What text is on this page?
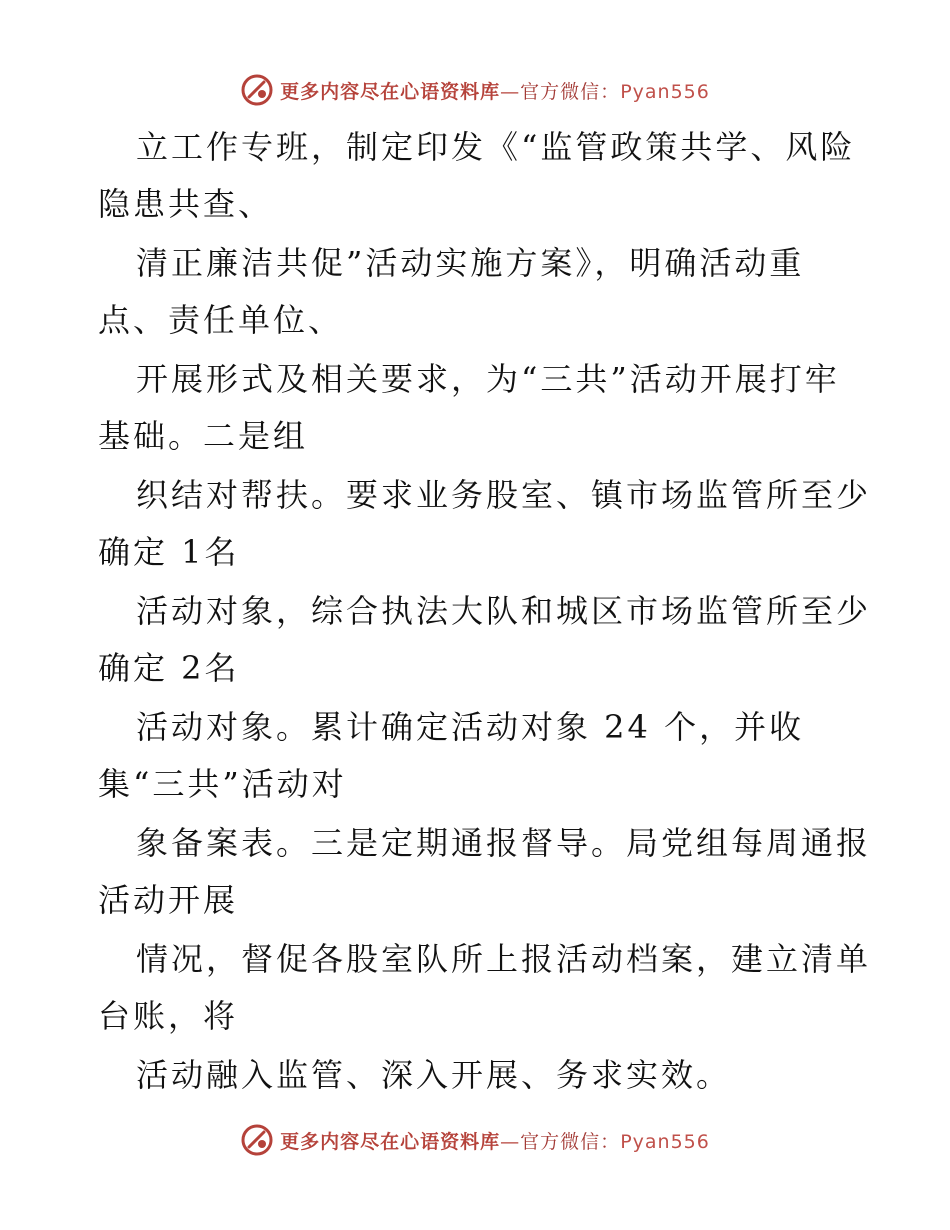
更多内容尽在心语资料库—官方微信：Pyan556
立工作专班，制定印发《“监管政策共学、风险
隐患共查、
清正廉洁共促”活动实施方案》，明确活动重
点、责任单位、
开展形式及相关要求，为“三共”活动开展打牢
基础。二是组
织结对帮扶。要求业务股室、镇市场监管所至少
确定 1名
活动对象，综合执法大队和城区市场监管所至少
确定 2名
活动对象。累计确定活动对象 24 个，并收
集“三共”活动对
象备案表。三是定期通报督导。局党组每周通报
活动开展
情况，督促各股室队所上报活动档案，建立清单
台账，将
活动融入监管、深入开展、务求实效。
更多内容尽在心语资料库—官方微信：Pyan556
